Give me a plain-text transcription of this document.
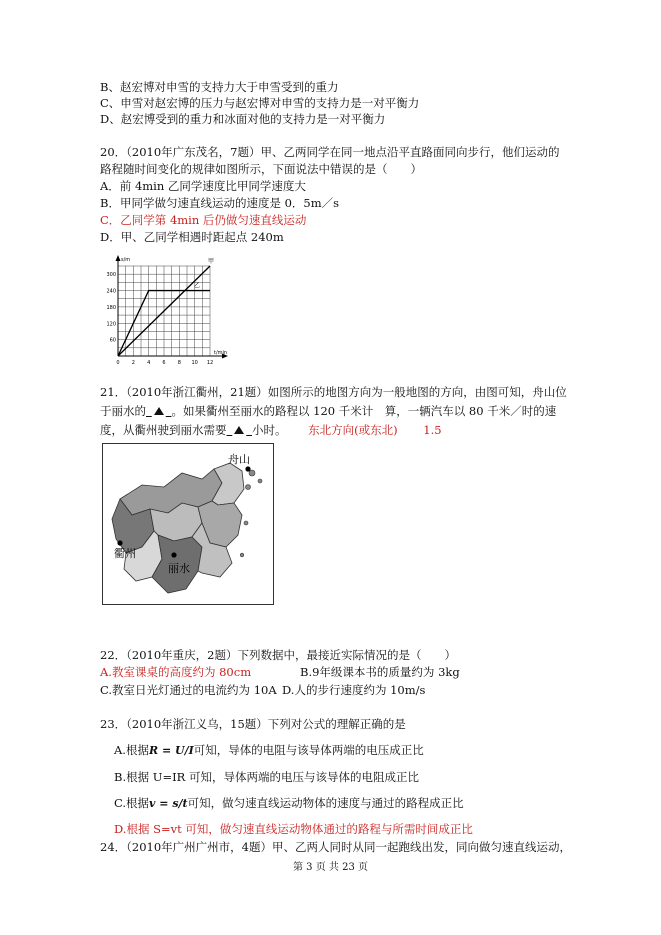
B、赵宏博对申雪的支持力大于申雪受到的重力
C、申雪对赵宏博的压力与赵宏博对申雪的支持力是一对平衡力
D、赵宏博受到的重力和冰面对他的支持力是一对平衡力
20．（2010年广东茂名，7题）甲、乙两同学在同一地点沿平直路面同向步行，他们运动的
路程随时间变化的规律如图所示，下面说法中错误的是（　　）
A．前 4min 乙同学速度比甲同学速度大
B．甲同学做匀速直线运动的速度是 0．5m／s
C．乙同学第 4min 后仍做匀速直线运动
D．甲、乙同学相遇时距起点 240m
60
120
180
240
300
0 2 4 6 8 10 12
s/m
t/min
甲
乙
21．（2010年浙江衢州，21题）如图所示的地图方向为一般地图的方向，由图可知，舟山位
于丽水的   。如果衢州至丽水的路程以 120 千米计　算，一辆汽车以 80 千米／时的速
度，从衢州驶到丽水需要   小时。 东北方向(或东北) 1.5
衢州
丽水
舟山
22．（2010年重庆，2题）下列数据中，最接近实际情况的是（　　）
A.教室课桌的高度约为 80cm	B.9年级课本书的质量约为 3kg
C.教室日光灯通过的电流约为 10A D.人的步行速度约为 10m/s
23．（2010年浙江义乌，15题）下列对公式的理解正确的是
A.根据R = U/I可知，导体的电阻与该导体两端的电压成正比
B.根据 U=IR 可知，导体两端的电压与该导体的电阻成正比
C.根据v = s/t可知，做匀速直线运动物体的速度与通过的路程成正比
D.根据 S=vt 可知，做匀速直线运动物体通过的路程与所需时间成正比
24．（2010年广州广州市，4题）甲、乙两人同时从同一起跑线出发，同向做匀速直线运动，
第 3 页 共 23 页
